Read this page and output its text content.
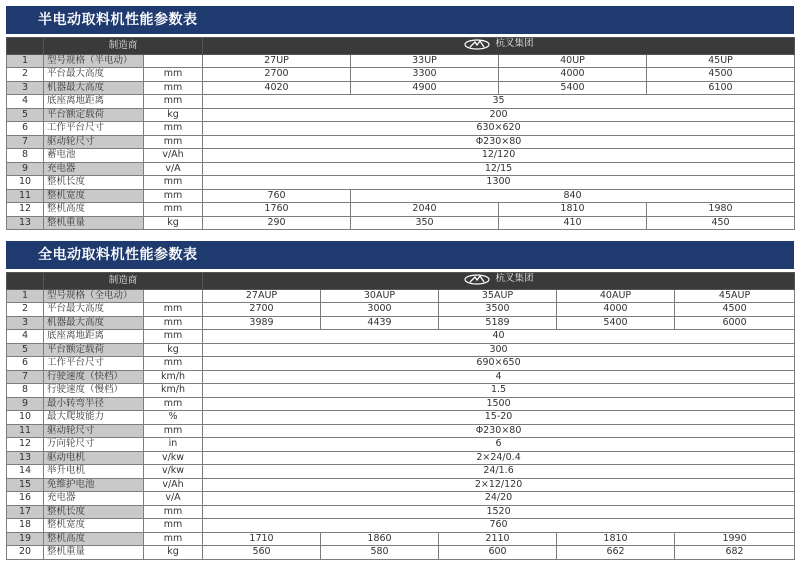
半电动取料机性能参数表
	制造商		杭叉集团			

1	型号规格（半电动）		27UP	33UP	40UP	45UP
2	平台最大高度	mm	2700	3300	4000	4500
3	机器最大高度	mm	4020	4900	5400	6100
4	底座离地距离	mm	35			
5	平台额定载荷	kg	200			
6	工作平台尺寸	mm	630×620			
7	驱动轮尺寸	mm	Φ230×80			
8	蓄电池	v/Ah	12/120			
9	充电器	v/A	12/15			
10	整机长度	mm	1300			
11	整机宽度	mm	760	840		
12	整机高度	mm	1760	2040	1810	1980
13	整机重量	kg	290	350	410	450
全电动取料机性能参数表
	制造商		杭叉集团				

1	型号规格（全电动）		27AUP	30AUP	35AUP	40AUP	45AUP
2	平台最大高度	mm	2700	3000	3500	4000	4500
3	机器最大高度	mm	3989	4439	5189	5400	6000
4	底座离地距离	mm	40				
5	平台额定载荷	kg	300				
6	工作平台尺寸	mm	690×650				
7	行驶速度（快档）	km/h	4				
8	行驶速度（慢档）	km/h	1.5				
9	最小转弯半径	mm	1500				
10	最大爬坡能力	%	15-20				
11	驱动轮尺寸	mm	Φ230×80				
12	万向轮尺寸	in	6				
13	驱动电机	v/kw	2×24/0.4				
14	举升电机	v/kw	24/1.6				
15	免维护电池	v/Ah	2×12/120				
16	充电器	v/A	24/20				
17	整机长度	mm	1520				
18	整机宽度	mm	760				
19	整机高度	mm	1710	1860	2110	1810	1990
20	整机重量	kg	560	580	600	662	682
